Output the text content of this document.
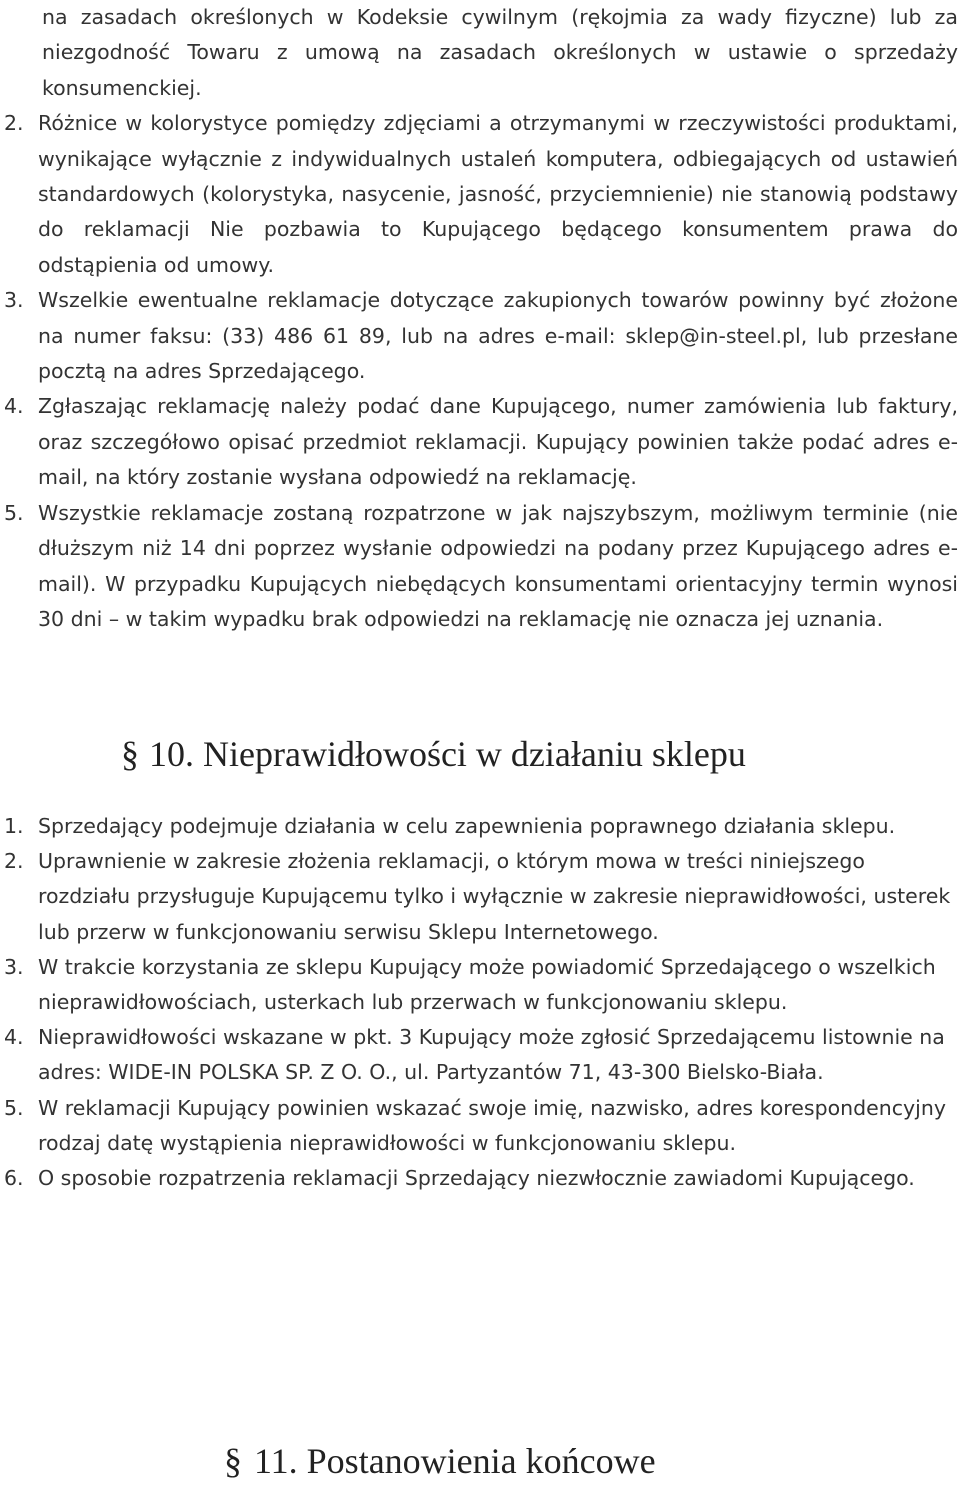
na zasadach określonych w Kodeksie cywilnym (rękojmia za wady fizyczne) lub za niezgodność Towaru z umową na zasadach określonych w ustawie o sprzedaży konsumenckiej.

2. Różnice w kolorystyce pomiędzy zdjęciami a otrzymanymi w rzeczywistości produktami, wynikające wyłącznie z indywidualnych ustaleń komputera, odbiegających od ustawień standardowych (kolorystyka, nasycenie, jasność, przyciemnienie) nie stanowią podstawy do reklamacji Nie pozbawia to Kupującego będącego konsumentem prawa do odstąpienia od umowy.
3. Wszelkie ewentualne reklamacje dotyczące zakupionych towarów powinny być złożone na numer faksu: (33) 486 61 89, lub na adres e-mail: sklep@in-steel.pl, lub przesłane pocztą na adres Sprzedającego.
4. Zgłaszając reklamację należy podać dane Kupującego, numer zamówienia lub faktury, oraz szczegółowo opisać przedmiot reklamacji. Kupujący powinien także podać adres e-mail, na który zostanie wysłana odpowiedź na reklamację.
5. Wszystkie reklamacje zostaną rozpatrzone w jak najszybszym, możliwym terminie (nie dłuższym niż 14 dni poprzez wysłanie odpowiedzi na podany przez Kupującego adres e-mail). W przypadku Kupujących niebędących konsumentami orientacyjny termin wynosi 30 dni – w takim wypadku brak odpowiedzi na reklamację nie oznacza jej uznania.
§ 10. Nieprawidłowości w działaniu sklepu
1. Sprzedający podejmuje działania w celu zapewnienia poprawnego działania sklepu.
2. Uprawnienie w zakresie złożenia reklamacji, o którym mowa w treści niniejszego rozdziału przysługuje Kupującemu tylko i wyłącznie w zakresie nieprawidłowości, usterek lub przerw w funkcjonowaniu serwisu Sklepu Internetowego.
3. W trakcie korzystania ze sklepu Kupujący może powiadomić Sprzedającego o wszelkich nieprawidłowościach, usterkach lub przerwach w funkcjonowaniu sklepu.
4. Nieprawidłowości wskazane w pkt. 3 Kupujący może zgłosić Sprzedającemu listownie na adres: WIDE-IN POLSKA SP. Z O. O., ul. Partyzantów 71, 43-300 Bielsko-Biała.
5. W reklamacji Kupujący powinien wskazać swoje imię, nazwisko, adres korespondencyjny rodzaj datę wystąpienia nieprawidłowości w funkcjonowaniu sklepu.
6. O sposobie rozpatrzenia reklamacji Sprzedający niezwłocznie zawiadomi Kupującego.
§ 11. Postanowienia końcowe
